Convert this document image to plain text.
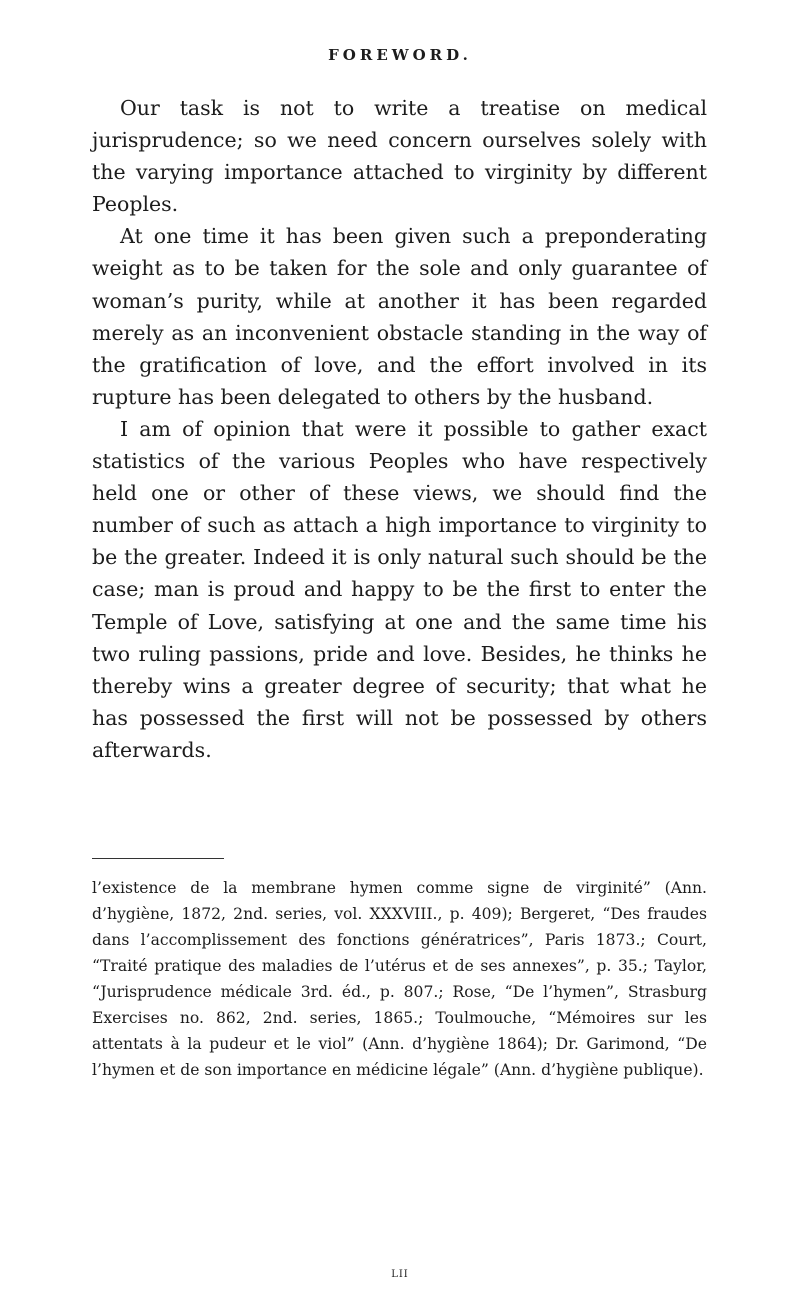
FOREWORD.

Our task is not to write a treatise on medical jurisprudence; so we need concern ourselves solely with the varying importance attached to virginity by different Peoples.

At one time it has been given such a preponderating weight as to be taken for the sole and only guarantee of woman’s purity, while at another it has been regarded merely as an inconvenient obstacle standing in the way of the gratification of love, and the effort involved in its rupture has been delegated to others by the husband.

I am of opinion that were it possible to gather exact statistics of the various Peoples who have respectively held one or other of these views, we should find the number of such as attach a high importance to virginity to be the greater. Indeed it is only natural such should be the case; man is proud and happy to be the first to enter the Temple of Love, satisfying at one and the same time his two ruling passions, pride and love. Besides, he thinks he thereby wins a greater degree of security; that what he has possessed the first will not be possessed by others afterwards.

l’existence de la membrane hymen comme signe de virginité” (Ann. d’hygiène, 1872, 2nd. series, vol. XXXVIII., p. 409); Bergeret, “Des fraudes dans l’accomplissement des fonctions génératrices”, Paris 1873.; Court, “Traité pratique des maladies de l’utérus et de ses annexes”, p. 35.; Taylor, “Jurisprudence médicale 3rd. éd., p. 807.; Rose, “De l’hymen”, Strasburg Exercises no. 862, 2nd. series, 1865.; Toulmouche, “Mémoires sur les attentats à la pudeur et le viol” (Ann. d’hygiène 1864); Dr. Garimond, “De l’hymen et de son importance en médicine légale” (Ann. d’hygiène publique).

LII
